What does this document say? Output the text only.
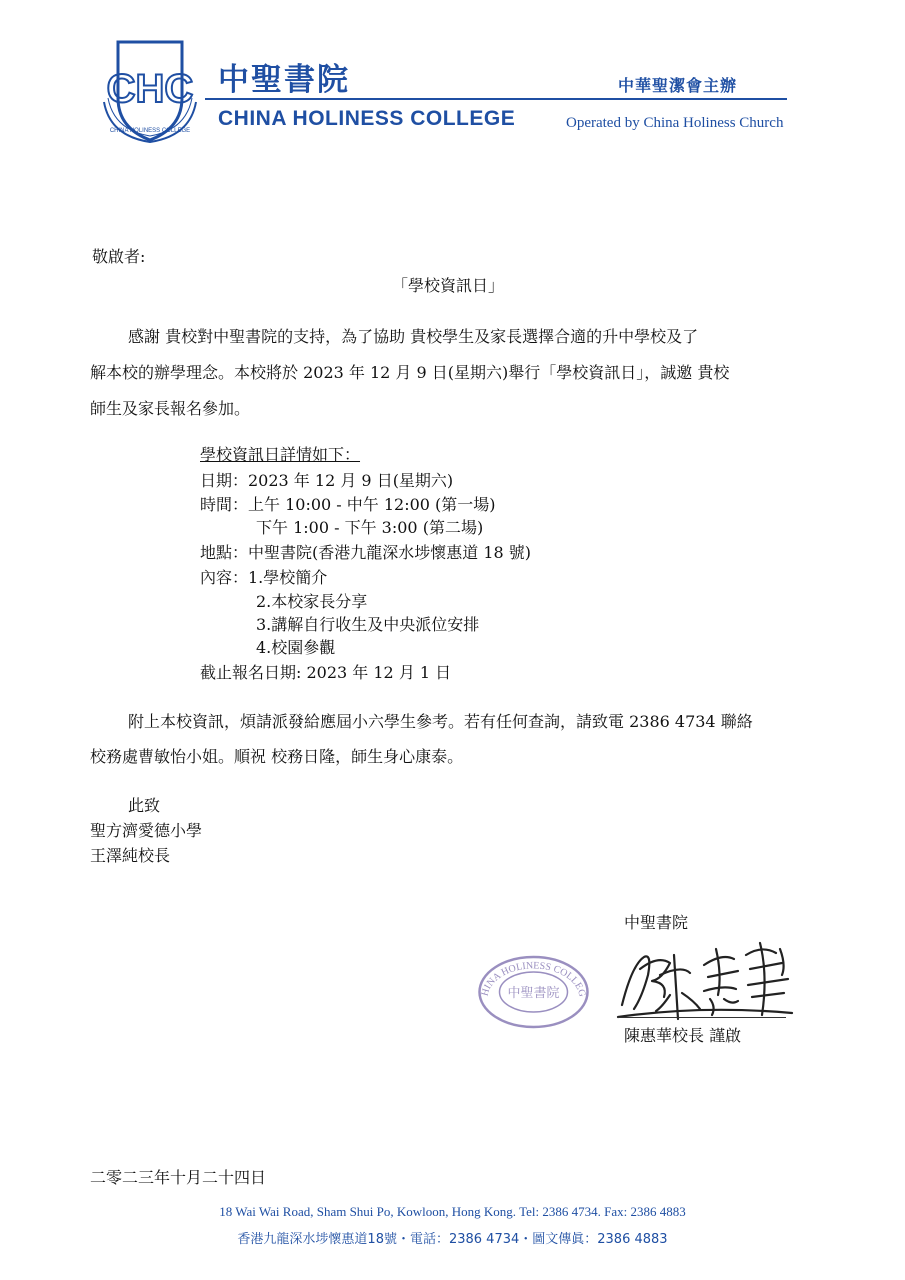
CHC
CHINA HOLINESS COLLEGE
中聖書院	中華聖潔會主辦
CHINA HOLINESS COLLEGE	Operated by China Holiness Church
敬啟者:
「學校資訊日」
感謝 貴校對中聖書院的支持，為了協助 貴校學生及家長選擇合適的升中學校及了
解本校的辦學理念。本校將於 2023 年 12 月 9 日(星期六)舉行「學校資訊日」，誠邀 貴校
師生及家長報名參加。
學校資訊日詳情如下：
日期：2023 年 12 月 9 日(星期六)
時間：上午 10:00 - 中午 12:00 (第一場)
下午 1:00 - 下午 3:00 (第二場)
地點：中聖書院(香港九龍深水埗懷惠道 18 號)
內容：1.學校簡介
2.本校家長分享
3.講解自行收生及中央派位安排
4.校園參觀
截止報名日期: 2023 年 12 月 1 日
附上本校資訊，煩請派發給應屆小六學生參考。若有任何查詢，請致電 2386 4734 聯絡
校務處曹敏怡小姐。順祝 校務日隆，師生身心康泰。
此致
聖方濟愛德小學
王澤純校長
中聖書院
HINA HOLINESS COLLEG
中聖書院
陳惠華校長 謹啟
二零二三年十月二十四日
18 Wai Wai Road, Sham Shui Po, Kowloon, Hong Kong. Tel: 2386 4734. Fax: 2386 4883
香港九龍深水埗懷惠道18號・電話：2386 4734・圖文傳眞：2386 4883
